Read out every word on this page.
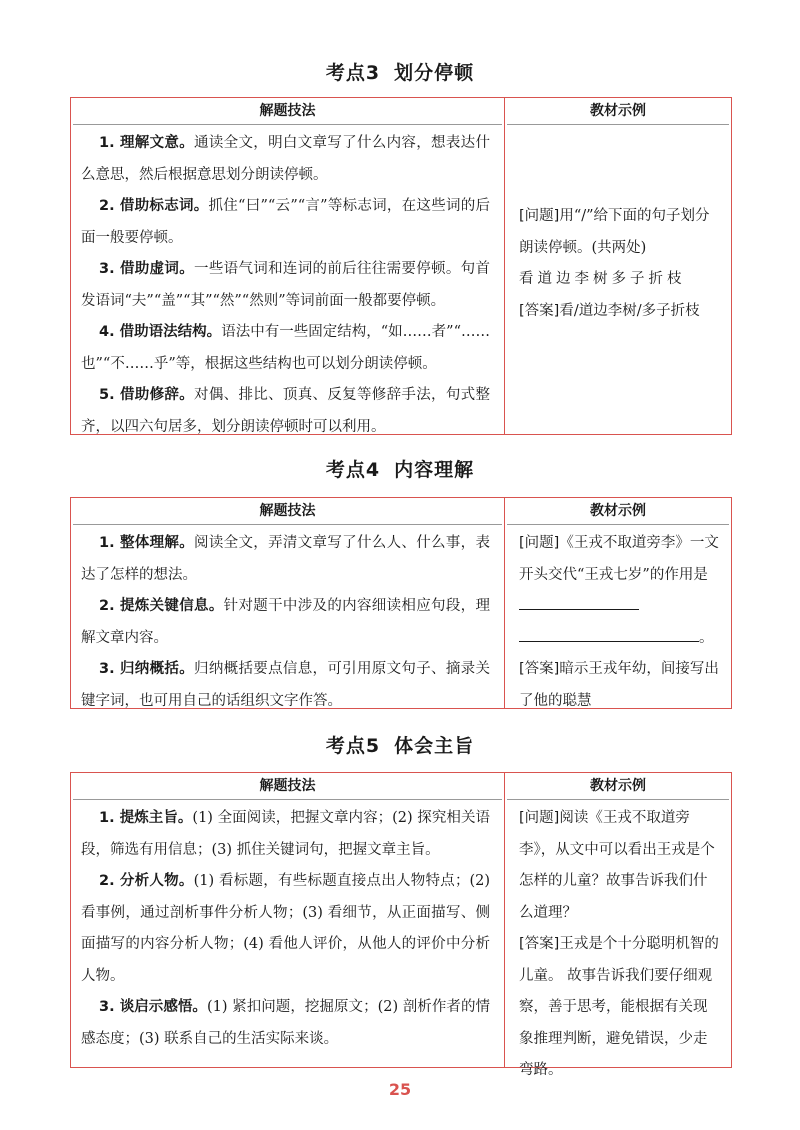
考点3 划分停顿
解题技法
1. 理解文意。通读全文，明白文章写了什么内容，想表达什么意思，然后根据意思划分朗读停顿。
2. 借助标志词。抓住“曰”“云”“言”等标志词，在这些词的后面一般要停顿。
3. 借助虚词。一些语气词和连词的前后往往需要停顿。句首发语词“夫”“盖”“其”“然”“然则”等词前面一般都要停顿。
4. 借助语法结构。语法中有一些固定结构，“如……者”“……也”“不……乎”等，根据这些结构也可以划分朗读停顿。
5. 借助修辞。对偶、排比、顶真、反复等修辞手法，句式整齐，以四六句居多，划分朗读停顿时可以利用。
教材示例
[问题]用“/”给下面的句子划分朗读停顿。(共两处)
看道边李树多子折枝
[答案]看/道边李树/多子折枝
考点4 内容理解
解题技法
1. 整体理解。阅读全文，弄清文章写了什么人、什么事，表达了怎样的想法。
2. 提炼关键信息。针对题干中涉及的内容细读相应句段，理解文章内容。
3. 归纳概括。归纳概括要点信息，可引用原文句子、摘录关键字词，也可用自己的话组织文字作答。
教材示例
[问题]《王戎不取道旁李》一文开头交代“王戎七岁”的作用是
。
[答案]暗示王戎年幼，间接写出了他的聪慧
考点5 体会主旨
解题技法
1. 提炼主旨。(1) 全面阅读，把握文章内容；(2) 探究相关语段，筛选有用信息；(3) 抓住关键词句，把握文章主旨。
2. 分析人物。(1) 看标题，有些标题直接点出人物特点；(2) 看事例，通过剖析事件分析人物；(3) 看细节，从正面描写、侧面描写的内容分析人物；(4) 看他人评价，从他人的评价中分析人物。
3. 谈启示感悟。(1) 紧扣问题，挖掘原文；(2) 剖析作者的情感态度；(3) 联系自己的生活实际来谈。
教材示例
[问题]阅读《王戎不取道旁李》，从文中可以看出王戎是个怎样的儿童？故事告诉我们什么道理？
[答案]王戎是个十分聪明机智的儿童。 故事告诉我们要仔细观察，善于思考，能根据有关现象推理判断，避免错误，少走弯路。
25
